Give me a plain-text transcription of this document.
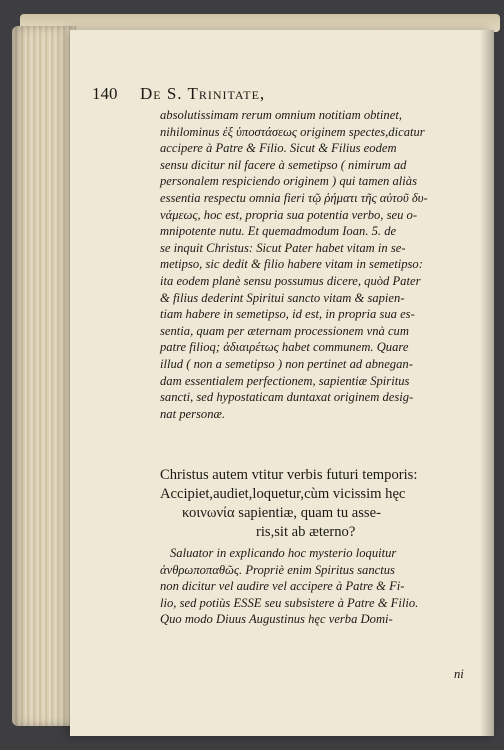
140 De S. Trinitate,
absolutissimam rerum omnium notitiam obtinet,
nihilominus ἐξ ὑποστάσεως originem spectes,dicatur
accipere à Patre & Filio. Sicut & Filius eodem
sensu dicitur nil facere à semetipso ( nimirum ad
personalem respiciendo originem ) qui tamen aliàs
essentia respectu omnia fieri τῷ ῥήματι τῆς αὐτοῦ δυ-
νάμεως, hoc est, propria sua potentia verbo, seu o-
mnipotente nutu. Et quemadmodum Ioan. 5. de
se inquit Christus: Sicut Pater habet vitam in se-
metipso, sic dedit & filio habere vitam in semetipso:
ita eodem planè sensu possumus dicere, quòd Pater
& filius dederint Spiritui sancto vitam & sapien-
tiam habere in semetipso, id est, in propria sua es-
sentia, quam per æternam processionem vnà cum
patre filioq; ἀδιαιρέτως habet communem. Quare
illud ( non a semetipso ) non pertinet ad abnegan-
dam essentialem perfectionem, sapientiæ Spiritus
sancti, sed hypostaticam duntaxat originem desig-
nat personæ.
Christus autem vtitur verbis futuri temporis:
Accipiet,audiet,loquetur,cùm vicissim hęc
κοινωνία sapientiæ, quam tu asse-
ris,sit ab æterno?
Saluator in explicando hoc mysterio loquitur
ἀνθρωποπαθῶς. Propriè enim Spiritus sanctus
non dicitur vel audire vel accipere à Patre & Fi-
lio, sed potiùs ESSE seu subsistere à Patre & Filio.
Quo modo Diuus Augustinus hęc verba Domi-
ni
